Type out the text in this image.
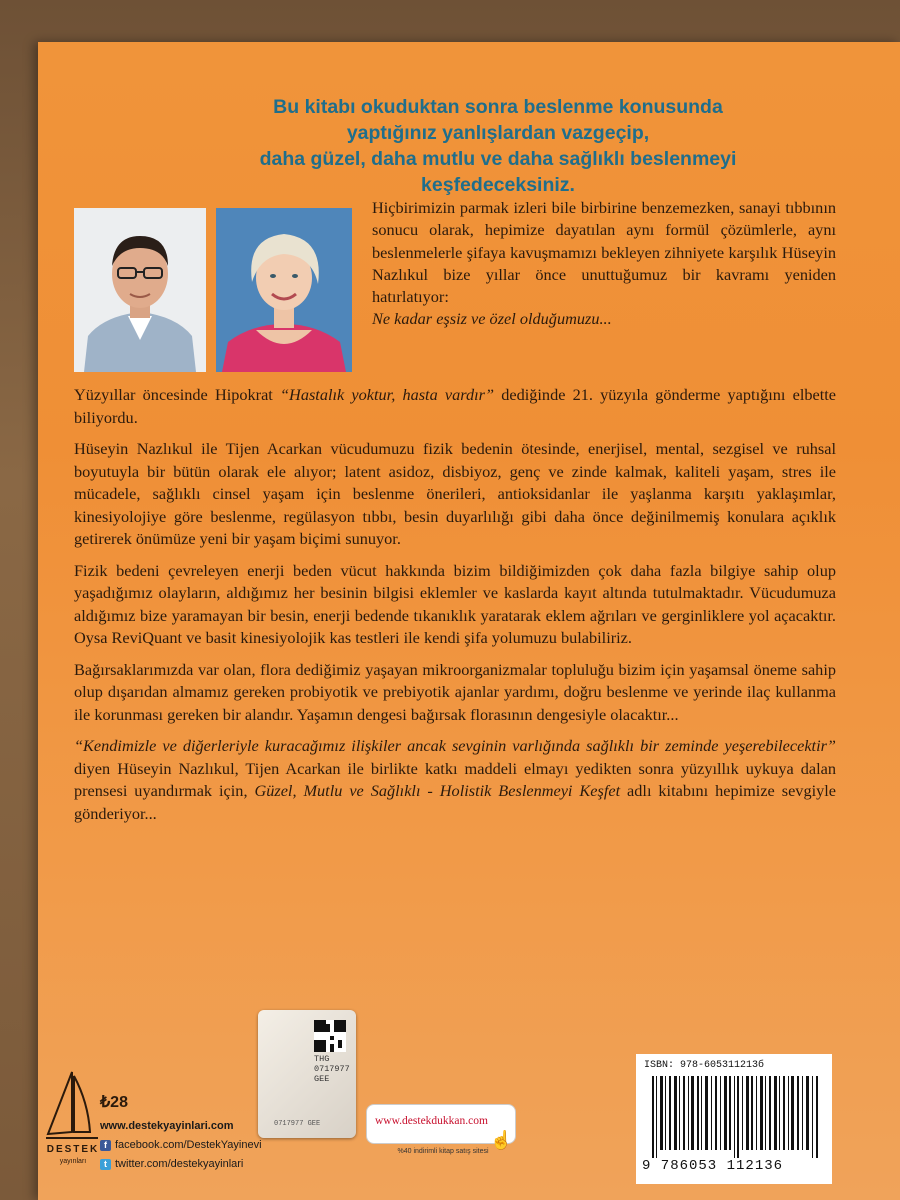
Bu kitabı okuduktan sonra beslenme konusunda
yaptığınız yanlışlardan vazgeçip,
daha güzel, daha mutlu ve daha sağlıklı beslenmeyi keşfedeceksiniz.
Hiçbirimizin parmak izleri bile birbirine benzemezken, sanayi tıbbının sonucu olarak, hepimize dayatılan aynı formül çözümlerle, aynı beslenmelerle şifaya kavuşmamızı bekleyen zihniyete karşılık Hüseyin Nazlıkul bize yıllar önce unuttuğumuz bir kavramı yeniden hatırlatıyor:
Ne kadar eşsiz ve özel olduğumuzu...

Yüzyıllar öncesinde Hipokrat “Hastalık yoktur, hasta vardır” dediğinde 21. yüzyıla gönderme yaptığını elbette biliyordu.

Hüseyin Nazlıkul ile Tijen Acarkan vücudumuzu fizik bedenin ötesinde, enerjisel, mental, sezgisel ve ruhsal boyutuyla bir bütün olarak ele alıyor; latent asidoz, disbiyoz, genç ve zinde kalmak, kaliteli yaşam, stres ile mücadele, sağlıklı cinsel yaşam için beslenme önerileri, antioksidanlar ile yaşlanma karşıtı yaklaşımlar, kinesiyolojiye göre beslenme, regülasyon tıbbı, besin duyarlılığı gibi daha önce değinilmemiş konulara açıklık getirerek önümüze yeni bir yaşam biçimi sunuyor.

Fizik bedeni çevreleyen enerji beden vücut hakkında bizim bildiğimizden çok daha fazla bilgiye sahip olup yaşadığımız olayların, aldığımız her besinin bilgisi eklemler ve kaslarda kayıt altında tutulmaktadır. Vücudumuza aldığımız bize yaramayan bir besin, enerji bedende tıkanıklık yaratarak eklem ağrıları ve gerginliklere yol açacaktır. Oysa ReviQuant ve basit kinesiyolojik kas testleri ile kendi şifa yolumuzu bulabiliriz.

Bağırsaklarımızda var olan, flora dediğimiz yaşayan mikroorganizmalar topluluğu bizim için yaşamsal öneme sahip olup dışarıdan almamız gereken probiyotik ve prebiyotik ajanlar yardımı, doğru beslenme ve yerinde ilaç kullanma ile korunması gereken bir alandır. Yaşamın dengesi bağırsak florasının dengesiyle olacaktır...

“Kendimizle ve diğerleriyle kuracağımız ilişkiler ancak sevginin varlığında sağlıklı bir zeminde yeşerebilecektir” diyen Hüseyin Nazlıkul, Tijen Acarkan ile birlikte katkı maddeli elmayı yedikten sonra yüzyıllık uykuya dalan prensesi uyandırmak için, Güzel, Mutlu ve Sağlıklı - Holistik Beslenmeyi Keşfet adlı kitabını hepimize sevgiyle gönderiyor...

DESTEK
yayınları
₺28
www.destekyayinlari.com
f facebook.com/DestekYayinevi
t twitter.com/destekyayinlari
THG
0717977
GEE
0717977 GEE	www.destekdukkan.com
☝
%40 indirimli kitap satış sitesi
ISBN: 978-605311213б
9 786053 112136
